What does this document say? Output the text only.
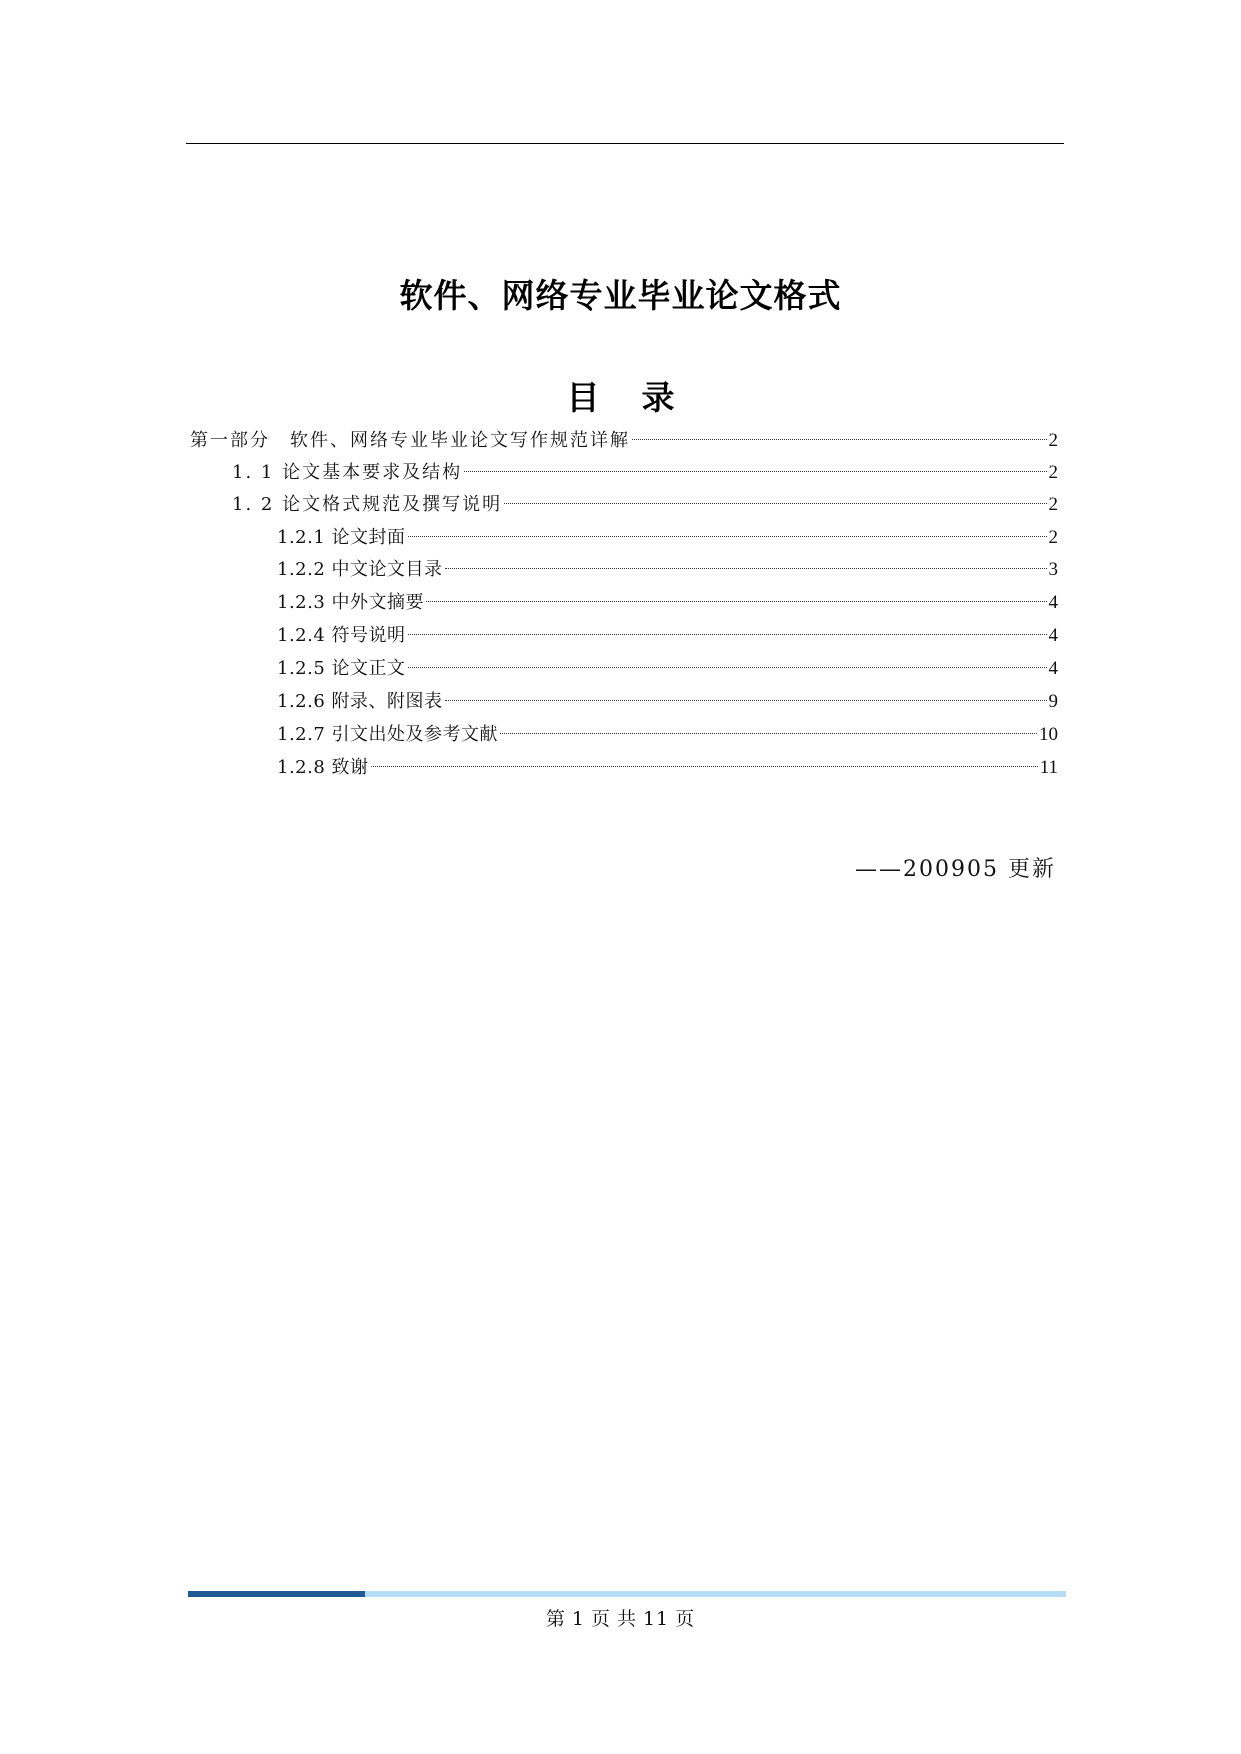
软件、网络专业毕业论文格式
目 录
第一部分　软件、网络专业毕业论文写作规范详解	2
1. 1 论文基本要求及结构	2
1. 2 论文格式规范及撰写说明	2
1.2.1 论文封面	2
1.2.2 中文论文目录	3
1.2.3 中外文摘要	4
1.2.4 符号说明	4
1.2.5 论文正文	4
1.2.6 附录、附图表	9
1.2.7 引文出处及参考文献	10
1.2.8 致谢	11
——200905 更新
第 1 页 共 11 页
